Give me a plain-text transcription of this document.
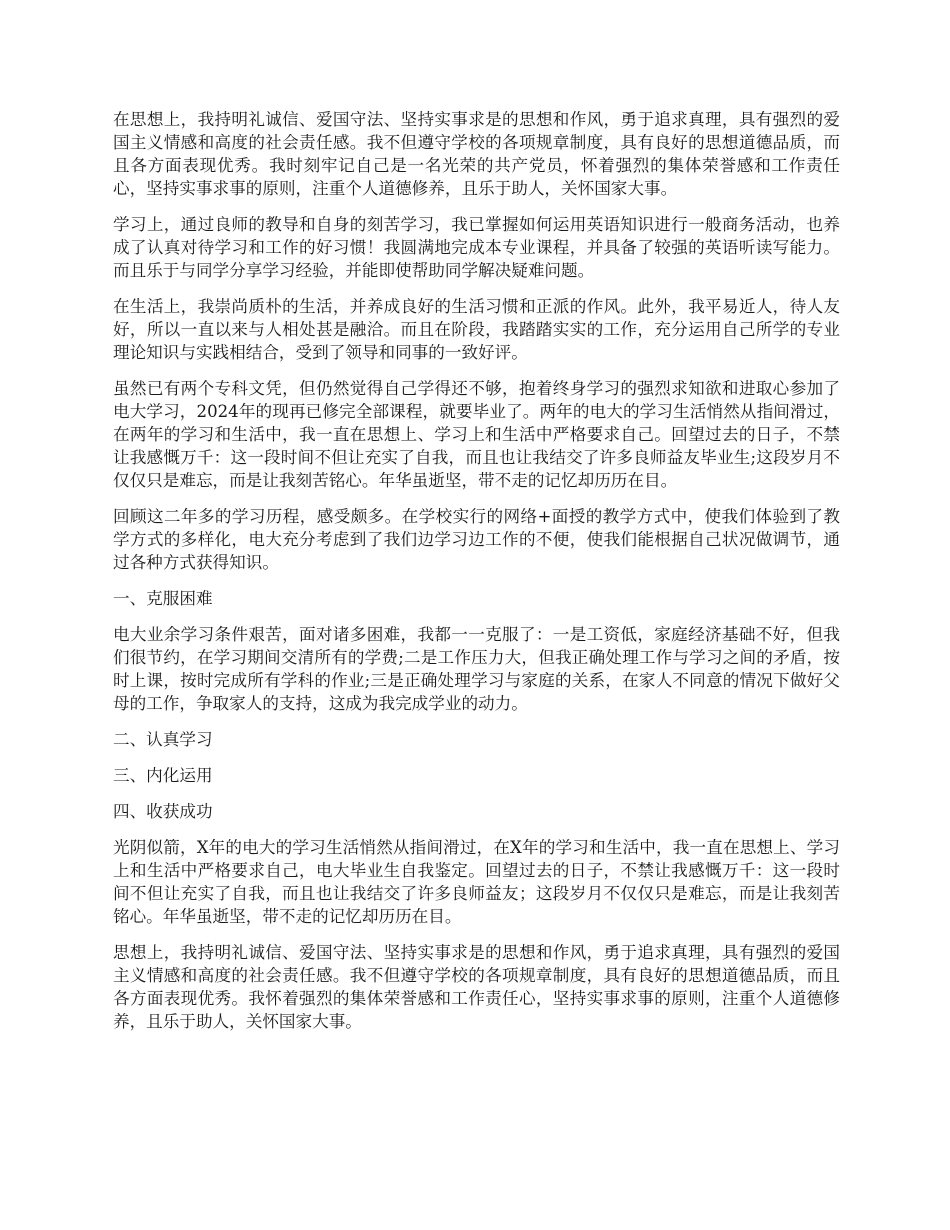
在思想上，我持明礼诚信、爱国守法、坚持实事求是的思想和作风，勇于追求真理，具有强烈的爱国主义情感和高度的社会责任感。我不但遵守学校的各项规章制度，具有良好的思想道德品质，而且各方面表现优秀。我时刻牢记自己是一名光荣的共产党员，怀着强烈的集体荣誉感和工作责任心，坚持实事求事的原则，注重个人道德修养，且乐于助人，关怀国家大事。

学习上，通过良师的教导和自身的刻苦学习，我已掌握如何运用英语知识进行一般商务活动，也养成了认真对待学习和工作的好习惯！我圆满地完成本专业课程，并具备了较强的英语听读写能力。而且乐于与同学分享学习经验，并能即使帮助同学解决疑难问题。

在生活上，我崇尚质朴的生活，并养成良好的生活习惯和正派的作风。此外，我平易近人，待人友好，所以一直以来与人相处甚是融洽。而且在阶段，我踏踏实实的工作，充分运用自己所学的专业理论知识与实践相结合，受到了领导和同事的一致好评。

虽然已有两个专科文凭，但仍然觉得自己学得还不够，抱着终身学习的强烈求知欲和进取心参加了电大学习，2024年的现再已修完全部课程，就要毕业了。两年的电大的学习生活悄然从指间滑过，在两年的学习和生活中，我一直在思想上、学习上和生活中严格要求自己。回望过去的日子，不禁让我感慨万千：这一段时间不但让充实了自我，而且也让我结交了许多良师益友毕业生;这段岁月不仅仅只是难忘，而是让我刻苦铭心。年华虽逝坚，带不走的记忆却历历在目。

回顾这二年多的学习历程，感受颇多。在学校实行的网络+面授的教学方式中，使我们体验到了教学方式的多样化，电大充分考虑到了我们边学习边工作的不便，使我们能根据自己状况做调节，通过各种方式获得知识。

一、克服困难

电大业余学习条件艰苦，面对诸多困难，我都一一克服了：一是工资低，家庭经济基础不好，但我们很节约，在学习期间交清所有的学费;二是工作压力大，但我正确处理工作与学习之间的矛盾，按时上课，按时完成所有学科的作业;三是正确处理学习与家庭的关系，在家人不同意的情况下做好父母的工作，争取家人的支持，这成为我完成学业的动力。

二、认真学习

三、内化运用

四、收获成功

光阴似箭，X年的电大的学习生活悄然从指间滑过，在X年的学习和生活中，我一直在思想上、学习上和生活中严格要求自己，电大毕业生自我鉴定。回望过去的日子，不禁让我感慨万千：这一段时间不但让充实了自我，而且也让我结交了许多良师益友；这段岁月不仅仅只是难忘，而是让我刻苦铭心。年华虽逝坚，带不走的记忆却历历在目。

思想上，我持明礼诚信、爱国守法、坚持实事求是的思想和作风，勇于追求真理，具有强烈的爱国主义情感和高度的社会责任感。我不但遵守学校的各项规章制度，具有良好的思想道德品质，而且各方面表现优秀。我怀着强烈的集体荣誉感和工作责任心，坚持实事求事的原则，注重个人道德修养，且乐于助人，关怀国家大事。
